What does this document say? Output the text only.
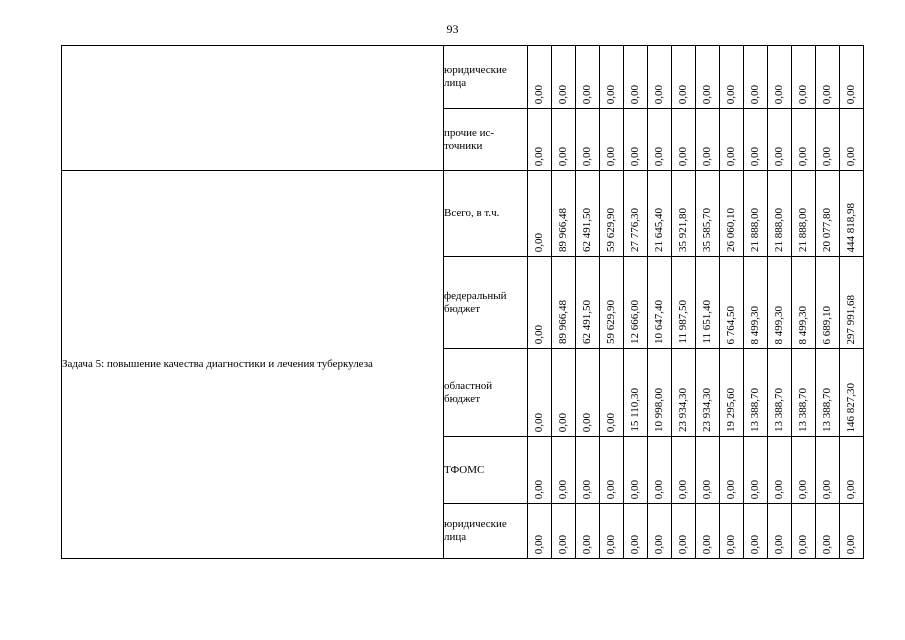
93
	юридические лица	0,00	0,00	0,00	0,00	0,00	0,00	0,00	0,00	0,00	0,00	0,00	0,00	0,00	0,00
	прочие ис-точники	0,00	0,00	0,00	0,00	0,00	0,00	0,00	0,00	0,00	0,00	0,00	0,00	0,00	0,00
Задача 5: повышение качества диагностики и лечения туберкулеза	Всего, в т.ч.	0,00	89 966,48	62 491,50	59 629,90	27 776,30	21 645,40	35 921,80	35 585,70	26 060,10	21 888,00	21 888,00	21 888,00	20 077,80	444 818,98
	федеральный бюджет	0,00	89 966,48	62 491,50	59 629,90	12 666,00	10 647,40	11 987,50	11 651,40	6 764,50	8 499,30	8 499,30	8 499,30	6 689,10	297 991,68
	областной бюджет	0,00	0,00	0,00	0,00	15 110,30	10 998,00	23 934,30	23 934,30	19 295,60	13 388,70	13 388,70	13 388,70	13 388,70	146 827,30
	ТФОМС	0,00	0,00	0,00	0,00	0,00	0,00	0,00	0,00	0,00	0,00	0,00	0,00	0,00	0,00
	юридические лица	0,00	0,00	0,00	0,00	0,00	0,00	0,00	0,00	0,00	0,00	0,00	0,00	0,00	0,00
